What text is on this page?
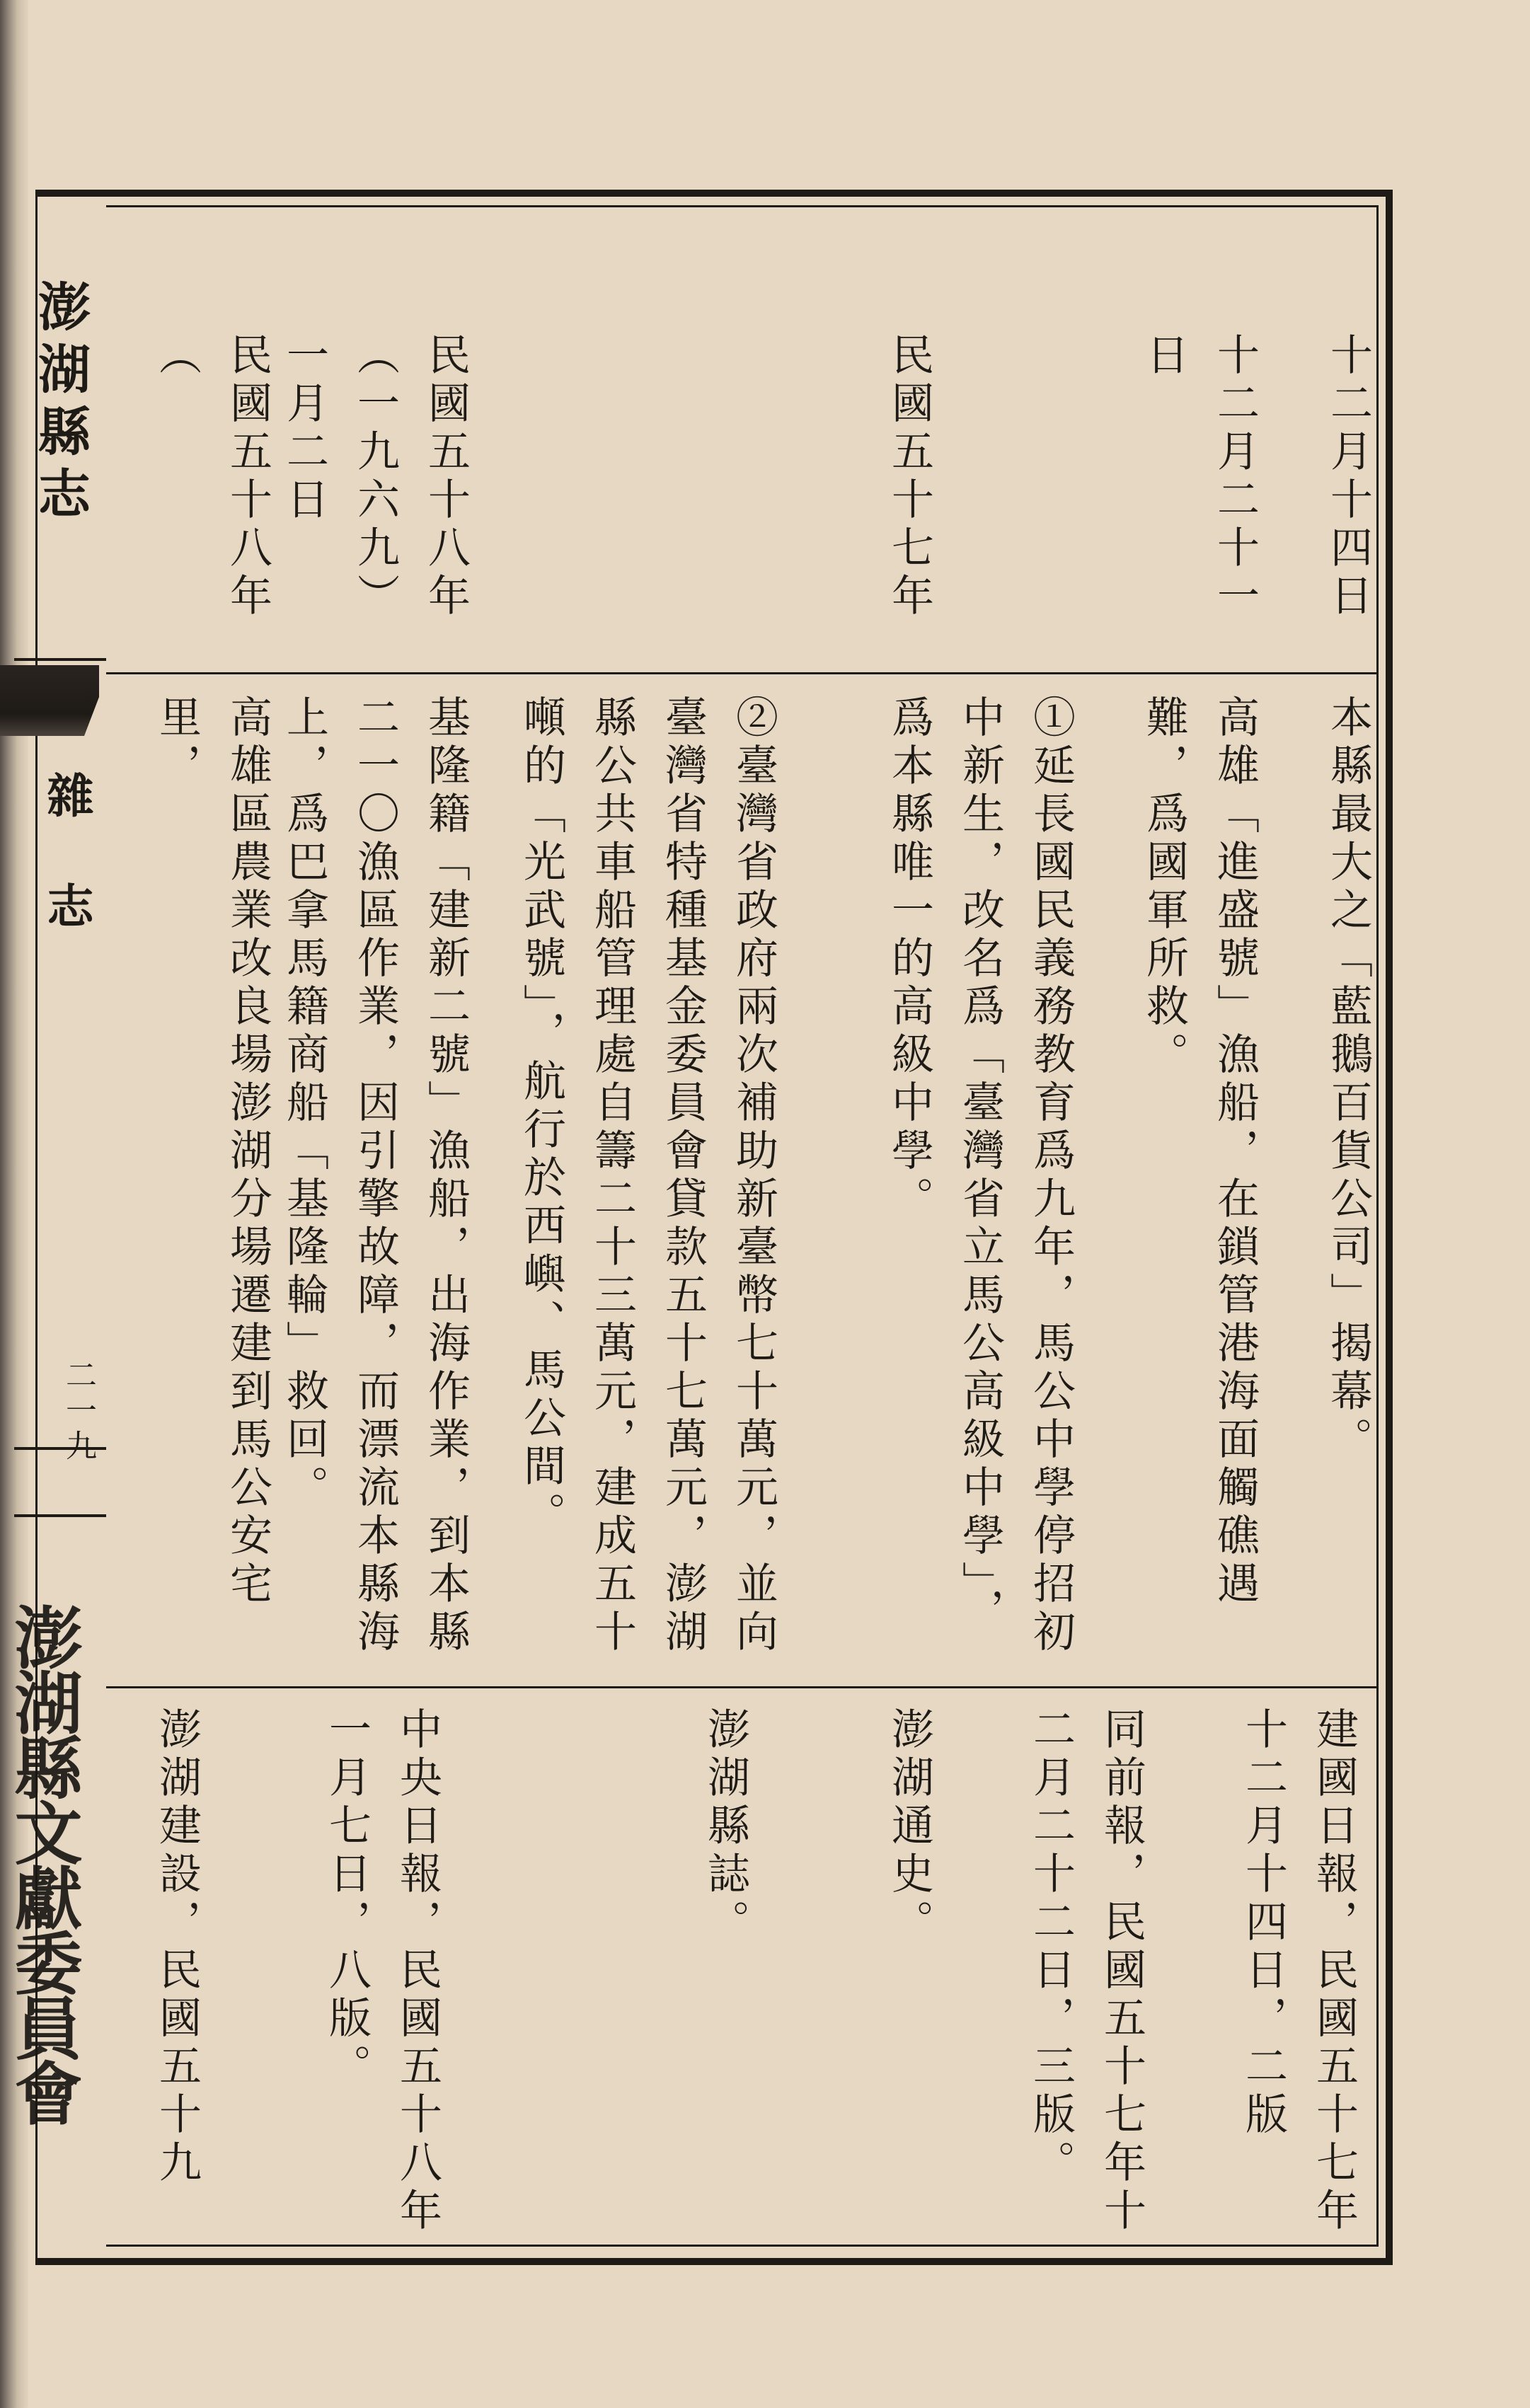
澎湖縣志
雜志
二一九
澎湖縣文獻委員會
十二月十四日
十二月二十一日
民國五十七年
民國五十八年（一九六九）一月二日
民國五十八年（
本縣最大之「藍鵝百貨公司」揭幕。
高雄「進盛號」漁船，在鎖管港海面觸礁遇難，爲國軍所救。
①延長國民義務教育爲九年，馬公中學停招初中新生，改名爲「臺灣省立馬公高級中學」，爲本縣唯一的高級中學。
②臺灣省政府兩次補助新臺幣七十萬元，並向臺灣省特種基金委員會貸款五十七萬元，澎湖縣公共車船管理處自籌二十三萬元，建成五十噸的「光武號」，航行於西嶼、馬公間。
基隆籍「建新二號」漁船，出海作業，到本縣二一〇漁區作業，因引擎故障，而漂流本縣海上，爲巴拿馬籍商船「基隆輪」救回。
高雄區農業改良場澎湖分場遷建到馬公安宅里，
建國日報，民國五十七年十二月十四日，二版
同前報，民國五十七年十二月二十二日，三版。
澎湖通史。
澎湖縣誌。
中央日報，民國五十八年一月七日，八版。
澎湖建設，民國五十九
